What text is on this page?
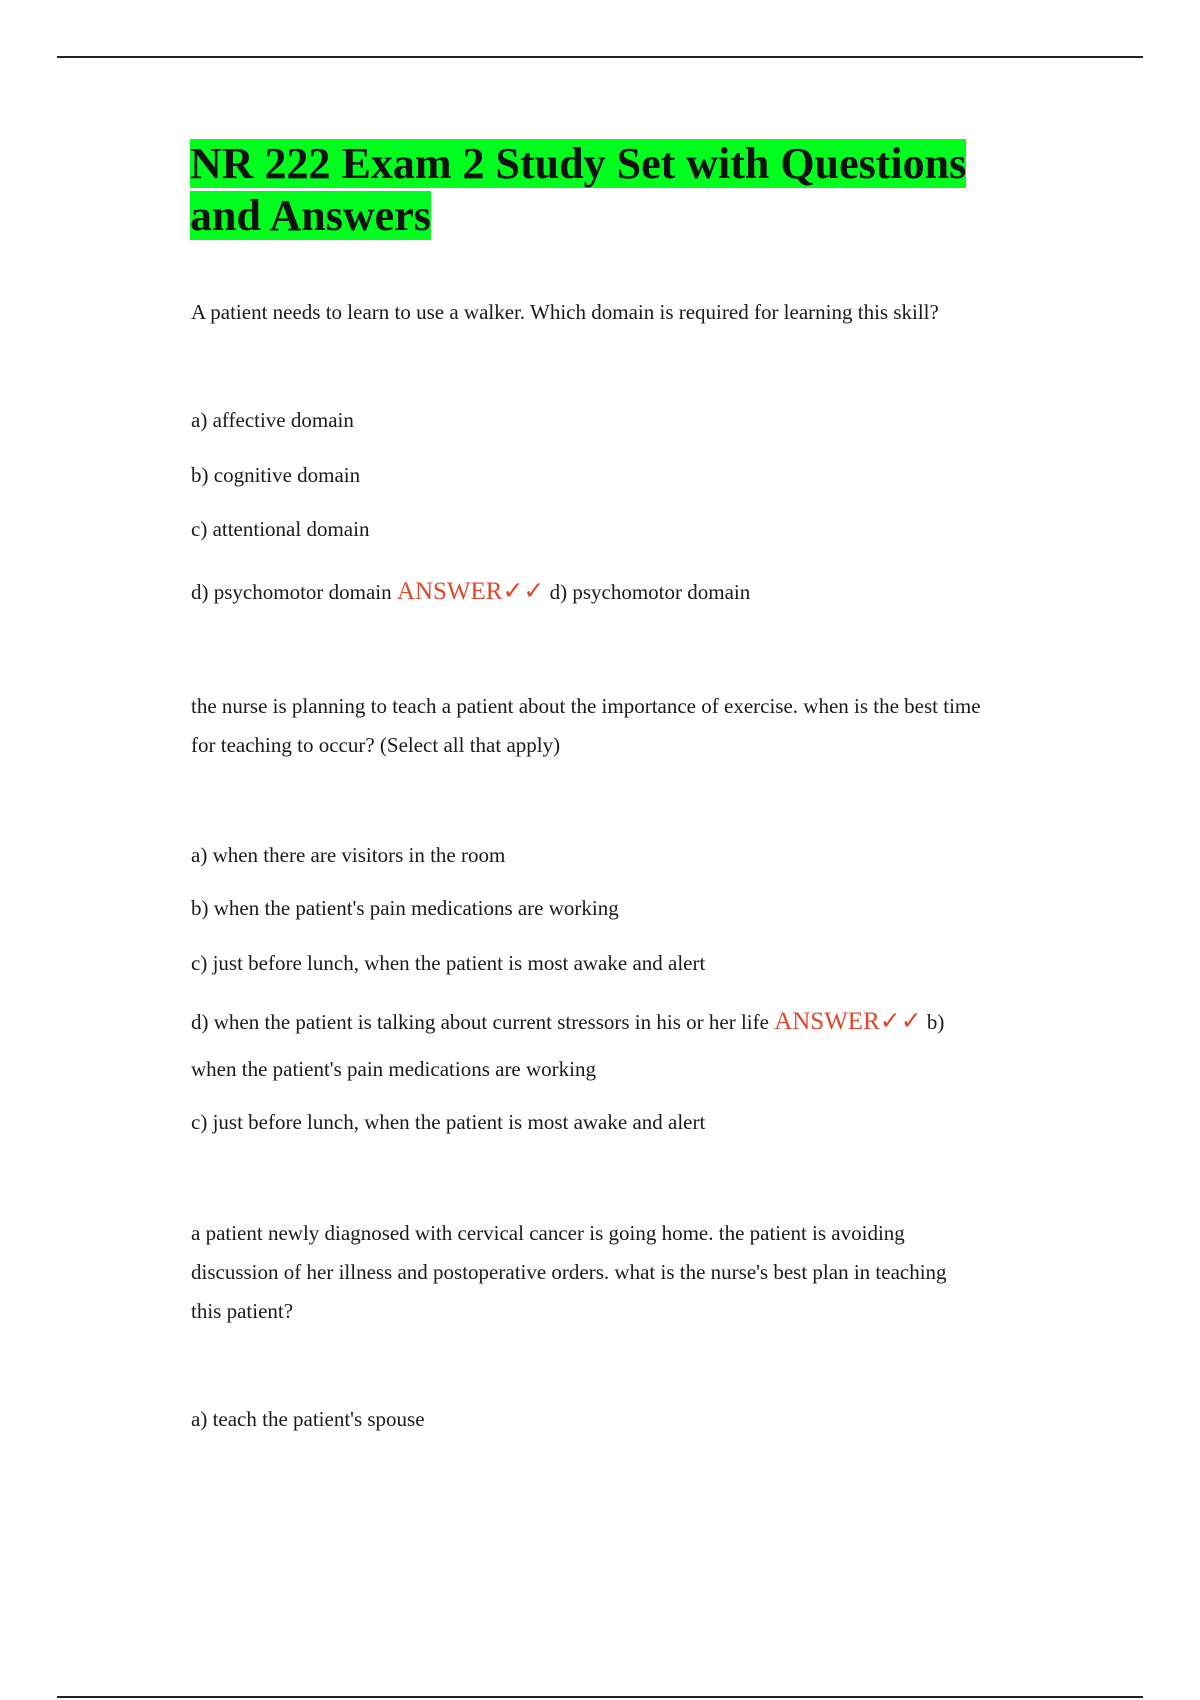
NR 222 Exam 2 Study Set with Questions
and Answers

A patient needs to learn to use a walker. Which domain is required for learning this skill?

a) affective domain

b) cognitive domain

c) attentional domain

d) psychomotor domain ANSWER✓✓ d) psychomotor domain

the nurse is planning to teach a patient about the importance of exercise. when is the best time

for teaching to occur? (Select all that apply)

a) when there are visitors in the room

b) when the patient's pain medications are working

c) just before lunch, when the patient is most awake and alert

d) when the patient is talking about current stressors in his or her life ANSWER✓✓ b)

when the patient's pain medications are working

c) just before lunch, when the patient is most awake and alert

a patient newly diagnosed with cervical cancer is going home. the patient is avoiding

discussion of her illness and postoperative orders. what is the nurse's best plan in teaching

this patient?

a) teach the patient's spouse
